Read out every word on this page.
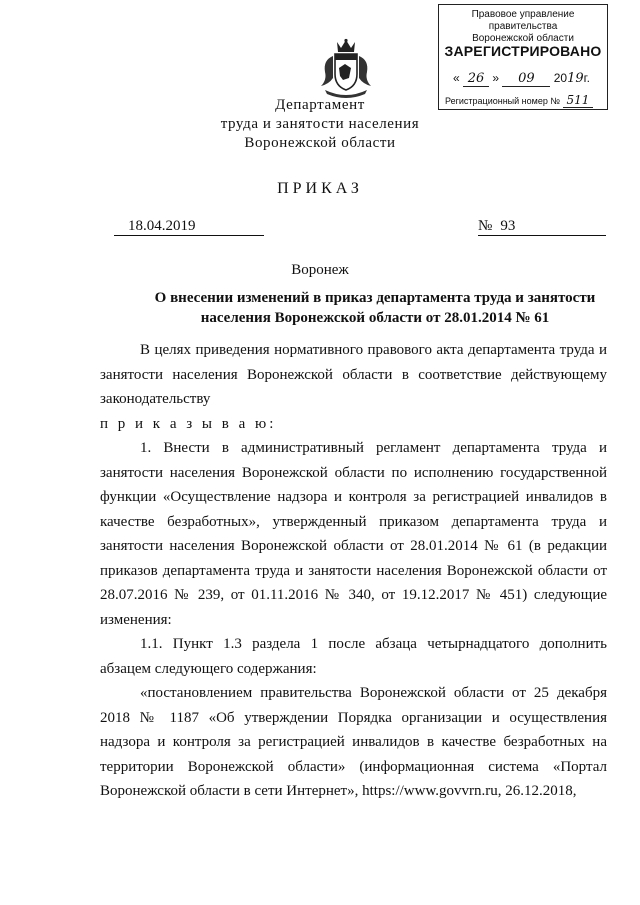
Правовое управление правительства
Воронежской области
ЗАРЕГИСТРИРОВАНО
« 26 » 09 2019г.
Регистрационный номер № 511
Департамент
труда и занятости населения
Воронежской области
ПРИКАЗ
18.04.2019	№ 93
Воронеж
О внесении изменений в приказ департамента труда и занятости
населения Воронежской области от 28.01.2014 № 61

В целях приведения нормативного правового акта департамента труда и занятости населения Воронежской области в соответствие действующему законодательству

п р и к а з ы в а ю:

1. Внести в административный регламент департамента труда и занятости населения Воронежской области по исполнению государственной функции «Осуществление надзора и контроля за регистрацией инвалидов в качестве безработных», утвержденный приказом департамента труда и занятости населения Воронежской области от 28.01.2014 № 61 (в редакции приказов департамента труда и занятости населения Воронежской области от 28.07.2016 № 239, от 01.11.2016 № 340, от 19.12.2017 № 451) следующие изменения:

1.1. Пункт 1.3 раздела 1 после абзаца четырнадцатого дополнить абзацем следующего содержания:

«постановлением правительства Воронежской области от 25 декабря 2018 № 1187 «Об утверждении Порядка организации и осуществления надзора и контроля за регистрацией инвалидов в качестве безработных на территории Воронежской области» (информационная система «Портал Воронежской области в сети Интернет», https://www.govvrn.ru, 26.12.2018,
